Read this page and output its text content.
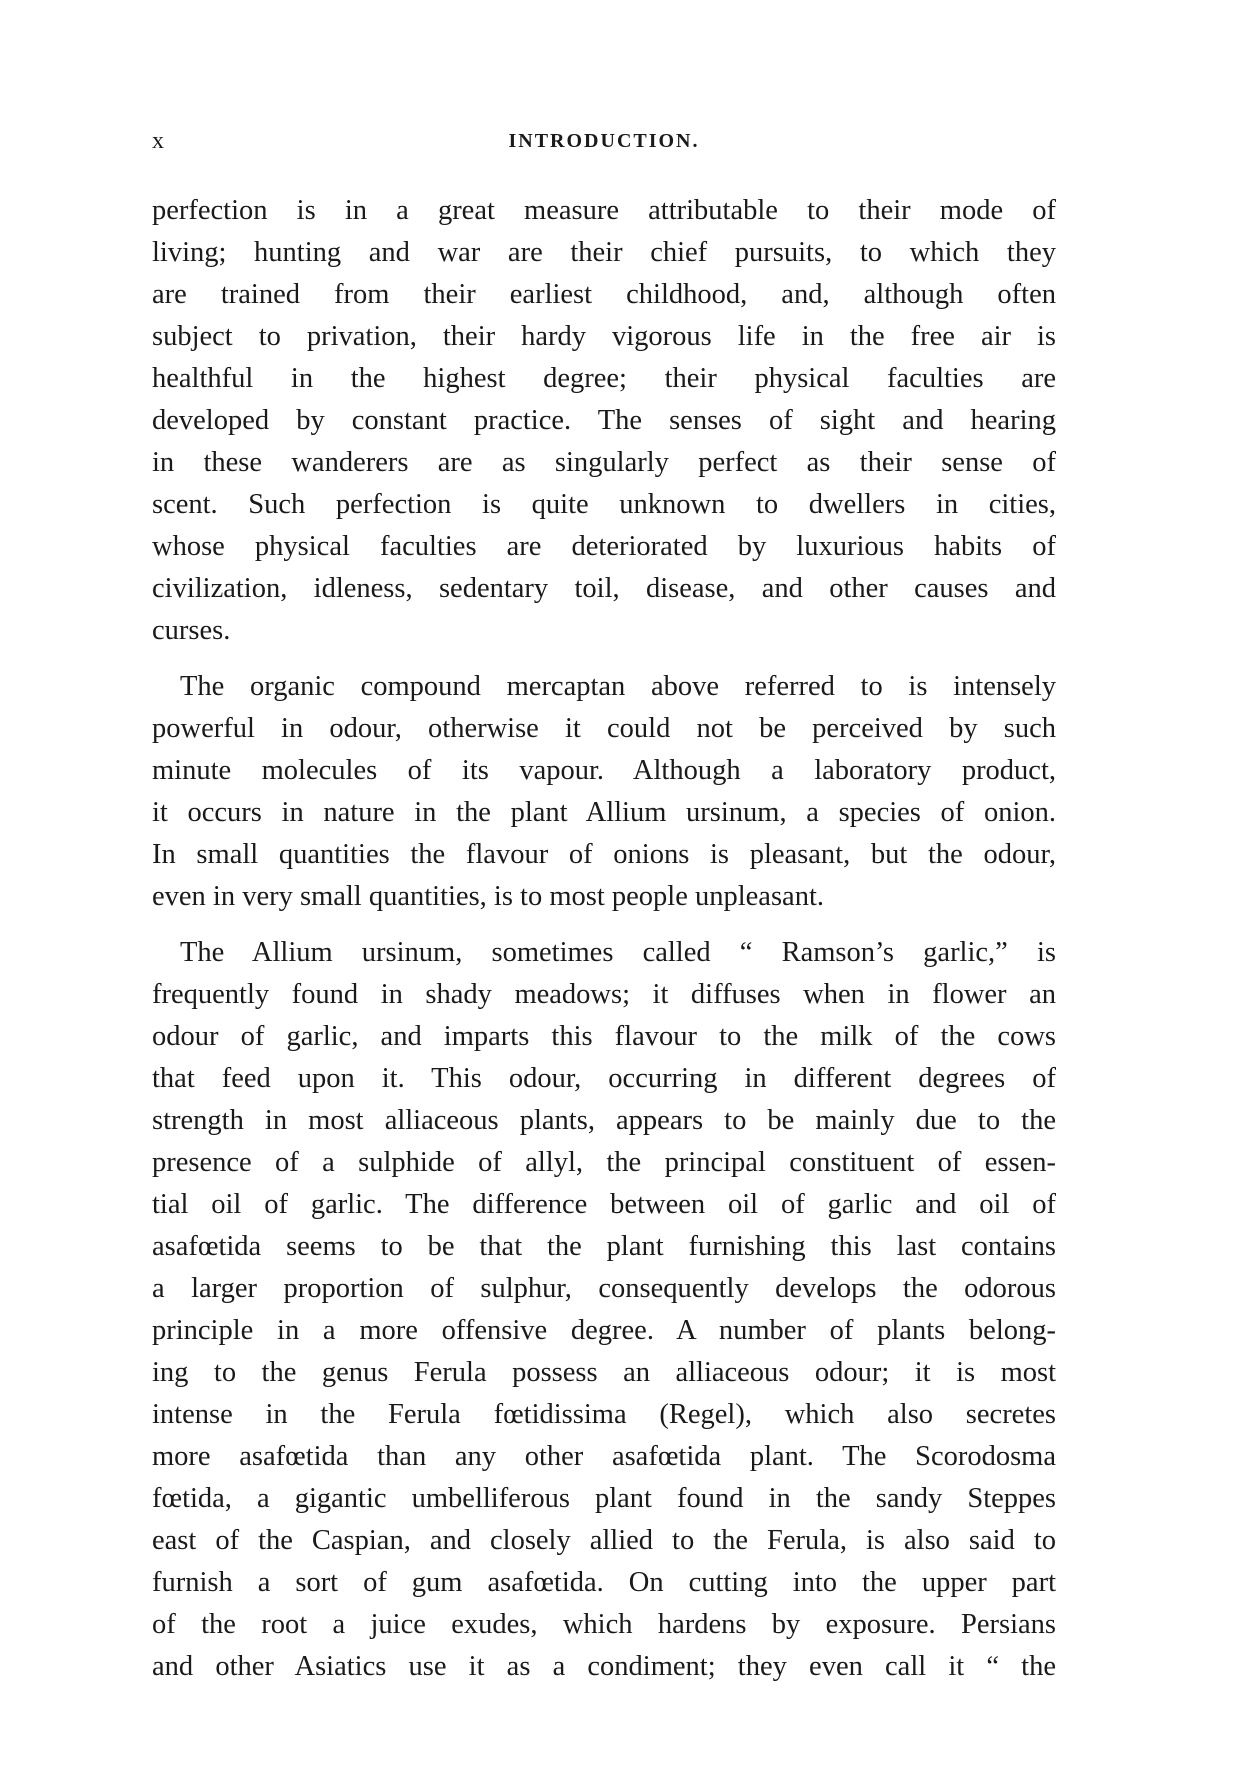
x	INTRODUCTION.
perfection is in a great measure attributable to their mode of
living; hunting and war are their chief pursuits, to which they
are trained from their earliest childhood, and, although often
subject to privation, their hardy vigorous life in the free air is
healthful in the highest degree; their physical faculties are
developed by constant practice. The senses of sight and hearing
in these wanderers are as singularly perfect as their sense of
scent. Such perfection is quite unknown to dwellers in cities,
whose physical faculties are deteriorated by luxurious habits of
civilization, idleness, sedentary toil, disease, and other causes and
curses.
The organic compound mercaptan above referred to is intensely
powerful in odour, otherwise it could not be perceived by such
minute molecules of its vapour. Although a laboratory product,
it occurs in nature in the plant Allium ursinum, a species of onion.
In small quantities the flavour of onions is pleasant, but the odour,
even in very small quantities, is to most people unpleasant.
The Allium ursinum, sometimes called “ Ramson’s garlic,” is
frequently found in shady meadows; it diffuses when in flower an
odour of garlic, and imparts this flavour to the milk of the cows
that feed upon it. This odour, occurring in different degrees of
strength in most alliaceous plants, appears to be mainly due to the
presence of a sulphide of allyl, the principal constituent of essen-
tial oil of garlic. The difference between oil of garlic and oil of
asafœtida seems to be that the plant furnishing this last contains
a larger proportion of sulphur, consequently develops the odorous
principle in a more offensive degree. A number of plants belong-
ing to the genus Ferula possess an alliaceous odour; it is most
intense in the Ferula fœtidissima (Regel), which also secretes
more asafœtida than any other asafœtida plant. The Scorodosma
fœtida, a gigantic umbelliferous plant found in the sandy Steppes
east of the Caspian, and closely allied to the Ferula, is also said to
furnish a sort of gum asafœtida. On cutting into the upper part
of the root a juice exudes, which hardens by exposure. Persians
and other Asiatics use it as a condiment; they even call it “ the
